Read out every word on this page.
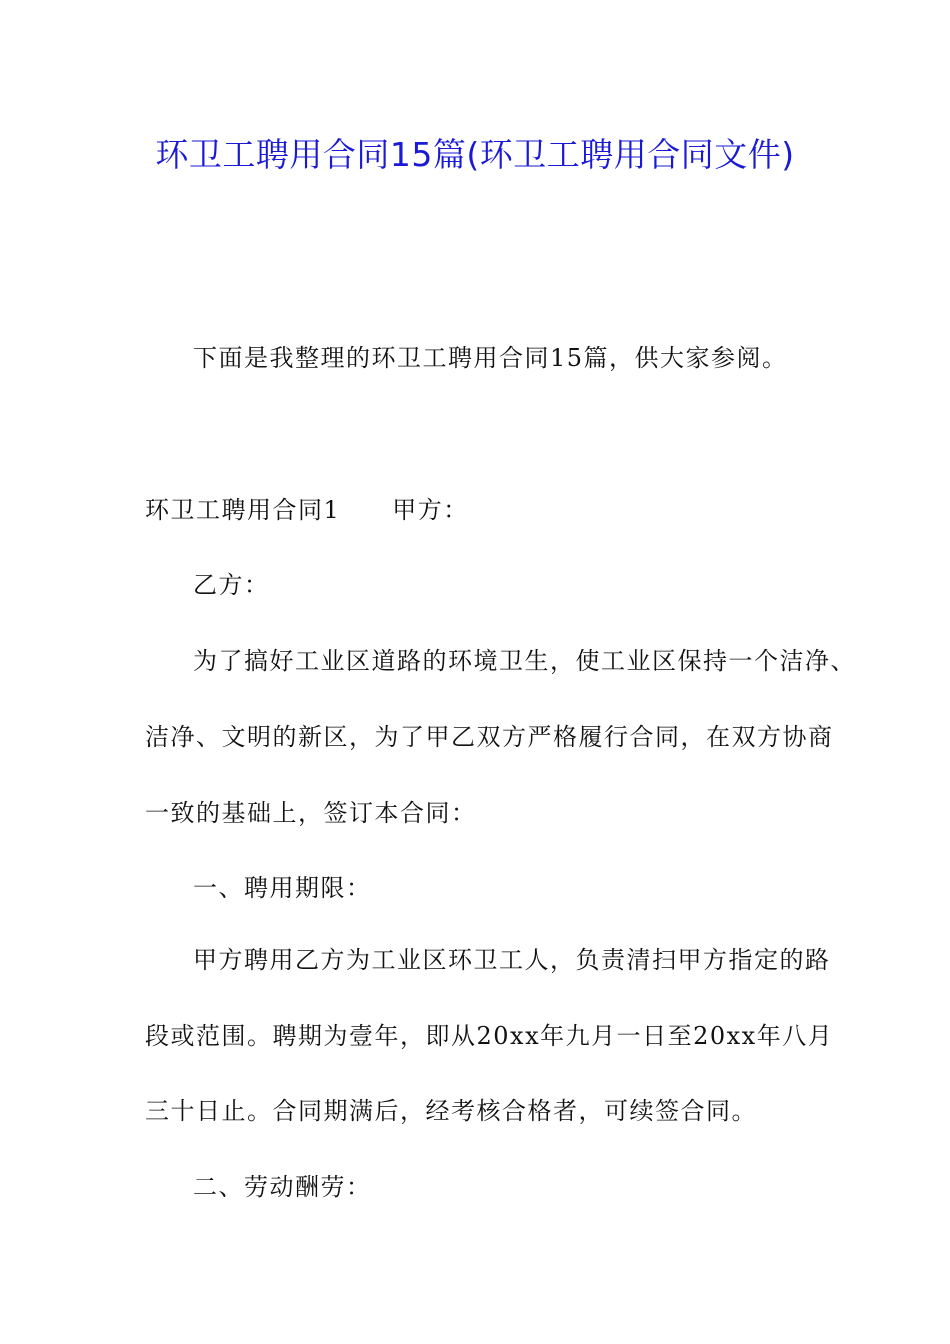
环卫工聘用合同15篇(环卫工聘用合同文件)
下面是我整理的环卫工聘用合同15篇，供大家参阅。
环卫工聘用合同1 甲方：
乙方：
为了搞好工业区道路的环境卫生，使工业区保持一个洁净、
洁净、文明的新区，为了甲乙双方严格履行合同，在双方协商
一致的基础上，签订本合同：
一、聘用期限：
甲方聘用乙方为工业区环卫工人，负责清扫甲方指定的路
段或范围。聘期为壹年，即从20xx年九月一日至20xx年八月
三十日止。合同期满后，经考核合格者，可续签合同。
二、劳动酬劳：
